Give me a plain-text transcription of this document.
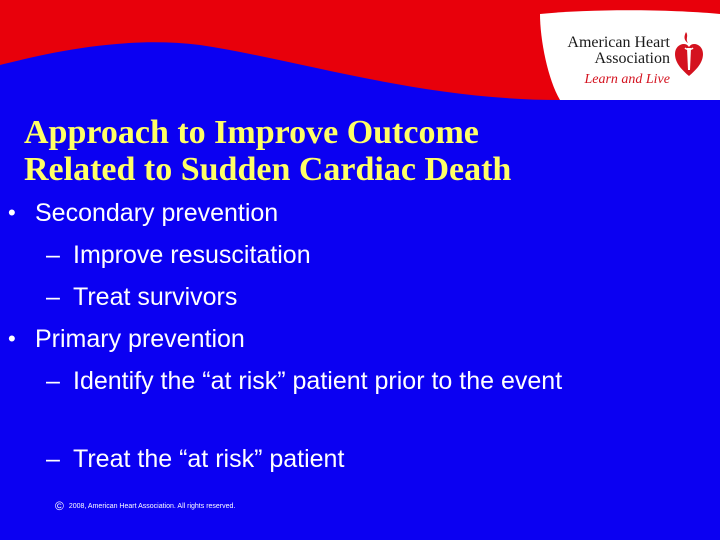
American Heart
Association
Learn and Live
Approach to Improve Outcome
Related to Sudden Cardiac Death
• Secondary prevention
– Improve resuscitation
– Treat survivors
• Primary prevention
– Identify the “at risk” patient prior to the event
– Treat the “at risk” patient
© 2008, American Heart Association. All rights reserved.
